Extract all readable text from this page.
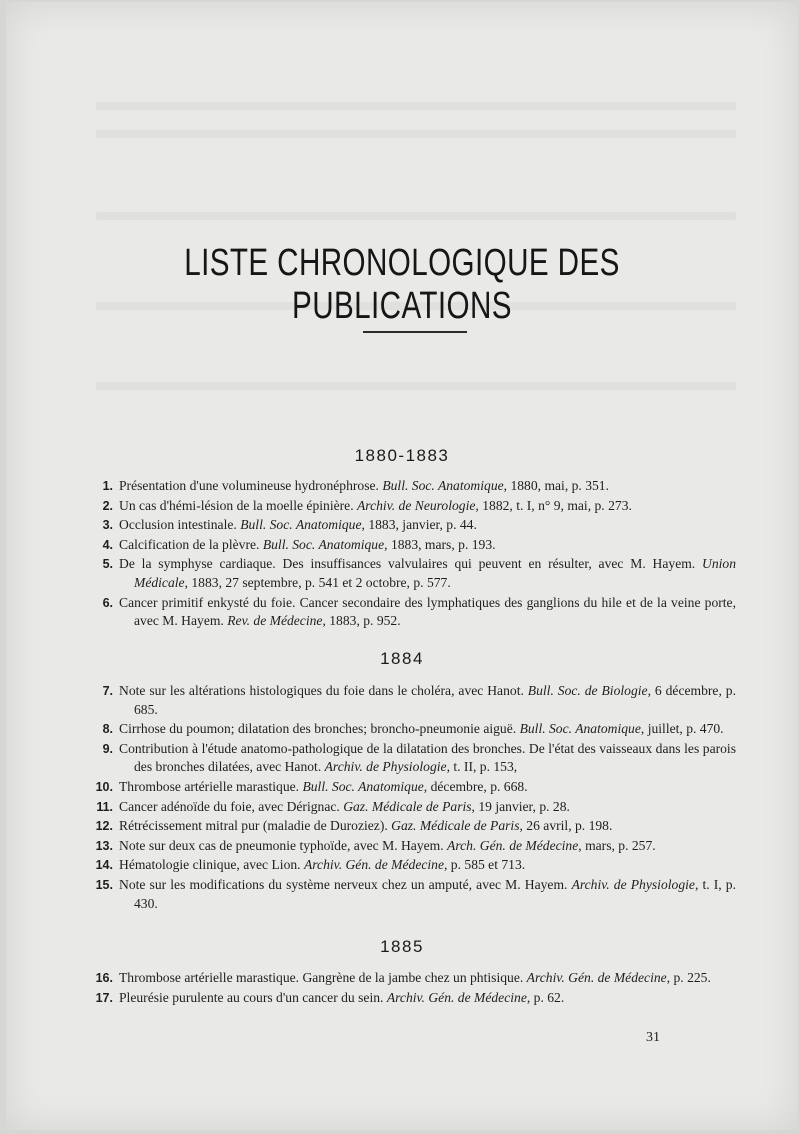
LISTE CHRONOLOGIQUE DES PUBLICATIONS
1880-1883
1. Présentation d'une volumineuse hydronéphrose. Bull. Soc. Anatomique, 1880, mai, p. 351.
2. Un cas d'hémi-lésion de la moelle épinière. Archiv. de Neurologie, 1882, t. I, n° 9, mai, p. 273.
3. Occlusion intestinale. Bull. Soc. Anatomique, 1883, janvier, p. 44.
4. Calcification de la plèvre. Bull. Soc. Anatomique, 1883, mars, p. 193.
5. De la symphyse cardiaque. Des insuffisances valvulaires qui peuvent en résulter, avec M. Hayem. Union Médicale, 1883, 27 septembre, p. 541 et 2 octobre, p. 577.
6. Cancer primitif enkysté du foie. Cancer secondaire des lymphatiques des ganglions du hile et de la veine porte, avec M. Hayem. Rev. de Médecine, 1883, p. 952.
1884
7. Note sur les altérations histologiques du foie dans le choléra, avec Hanot. Bull. Soc. de Biologie, 6 décembre, p. 685.
8. Cirrhose du poumon; dilatation des bronches; broncho-pneumonie aiguë. Bull. Soc. Anatomique, juillet, p. 470.
9. Contribution à l'étude anatomo-pathologique de la dilatation des bronches. De l'état des vaisseaux dans les parois des bronches dilatées, avec Hanot. Archiv. de Physiologie, t. II, p. 153,
10. Thrombose artérielle marastique. Bull. Soc. Anatomique, décembre, p. 668.
11. Cancer adénoïde du foie, avec Dérignac. Gaz. Médicale de Paris, 19 janvier, p. 28.
12. Rétrécissement mitral pur (maladie de Duroziez). Gaz. Médicale de Paris, 26 avril, p. 198.
13. Note sur deux cas de pneumonie typhoïde, avec M. Hayem. Arch. Gén. de Médecine, mars, p. 257.
14. Hématologie clinique, avec Lion. Archiv. Gén. de Médecine, p. 585 et 713.
15. Note sur les modifications du système nerveux chez un amputé, avec M. Hayem. Archiv. de Physiologie, t. I, p. 430.
1885
16. Thrombose artérielle marastique. Gangrène de la jambe chez un phtisique. Archiv. Gén. de Médecine, p. 225.
17. Pleurésie purulente au cours d'un cancer du sein. Archiv. Gén. de Médecine, p. 62.
31
